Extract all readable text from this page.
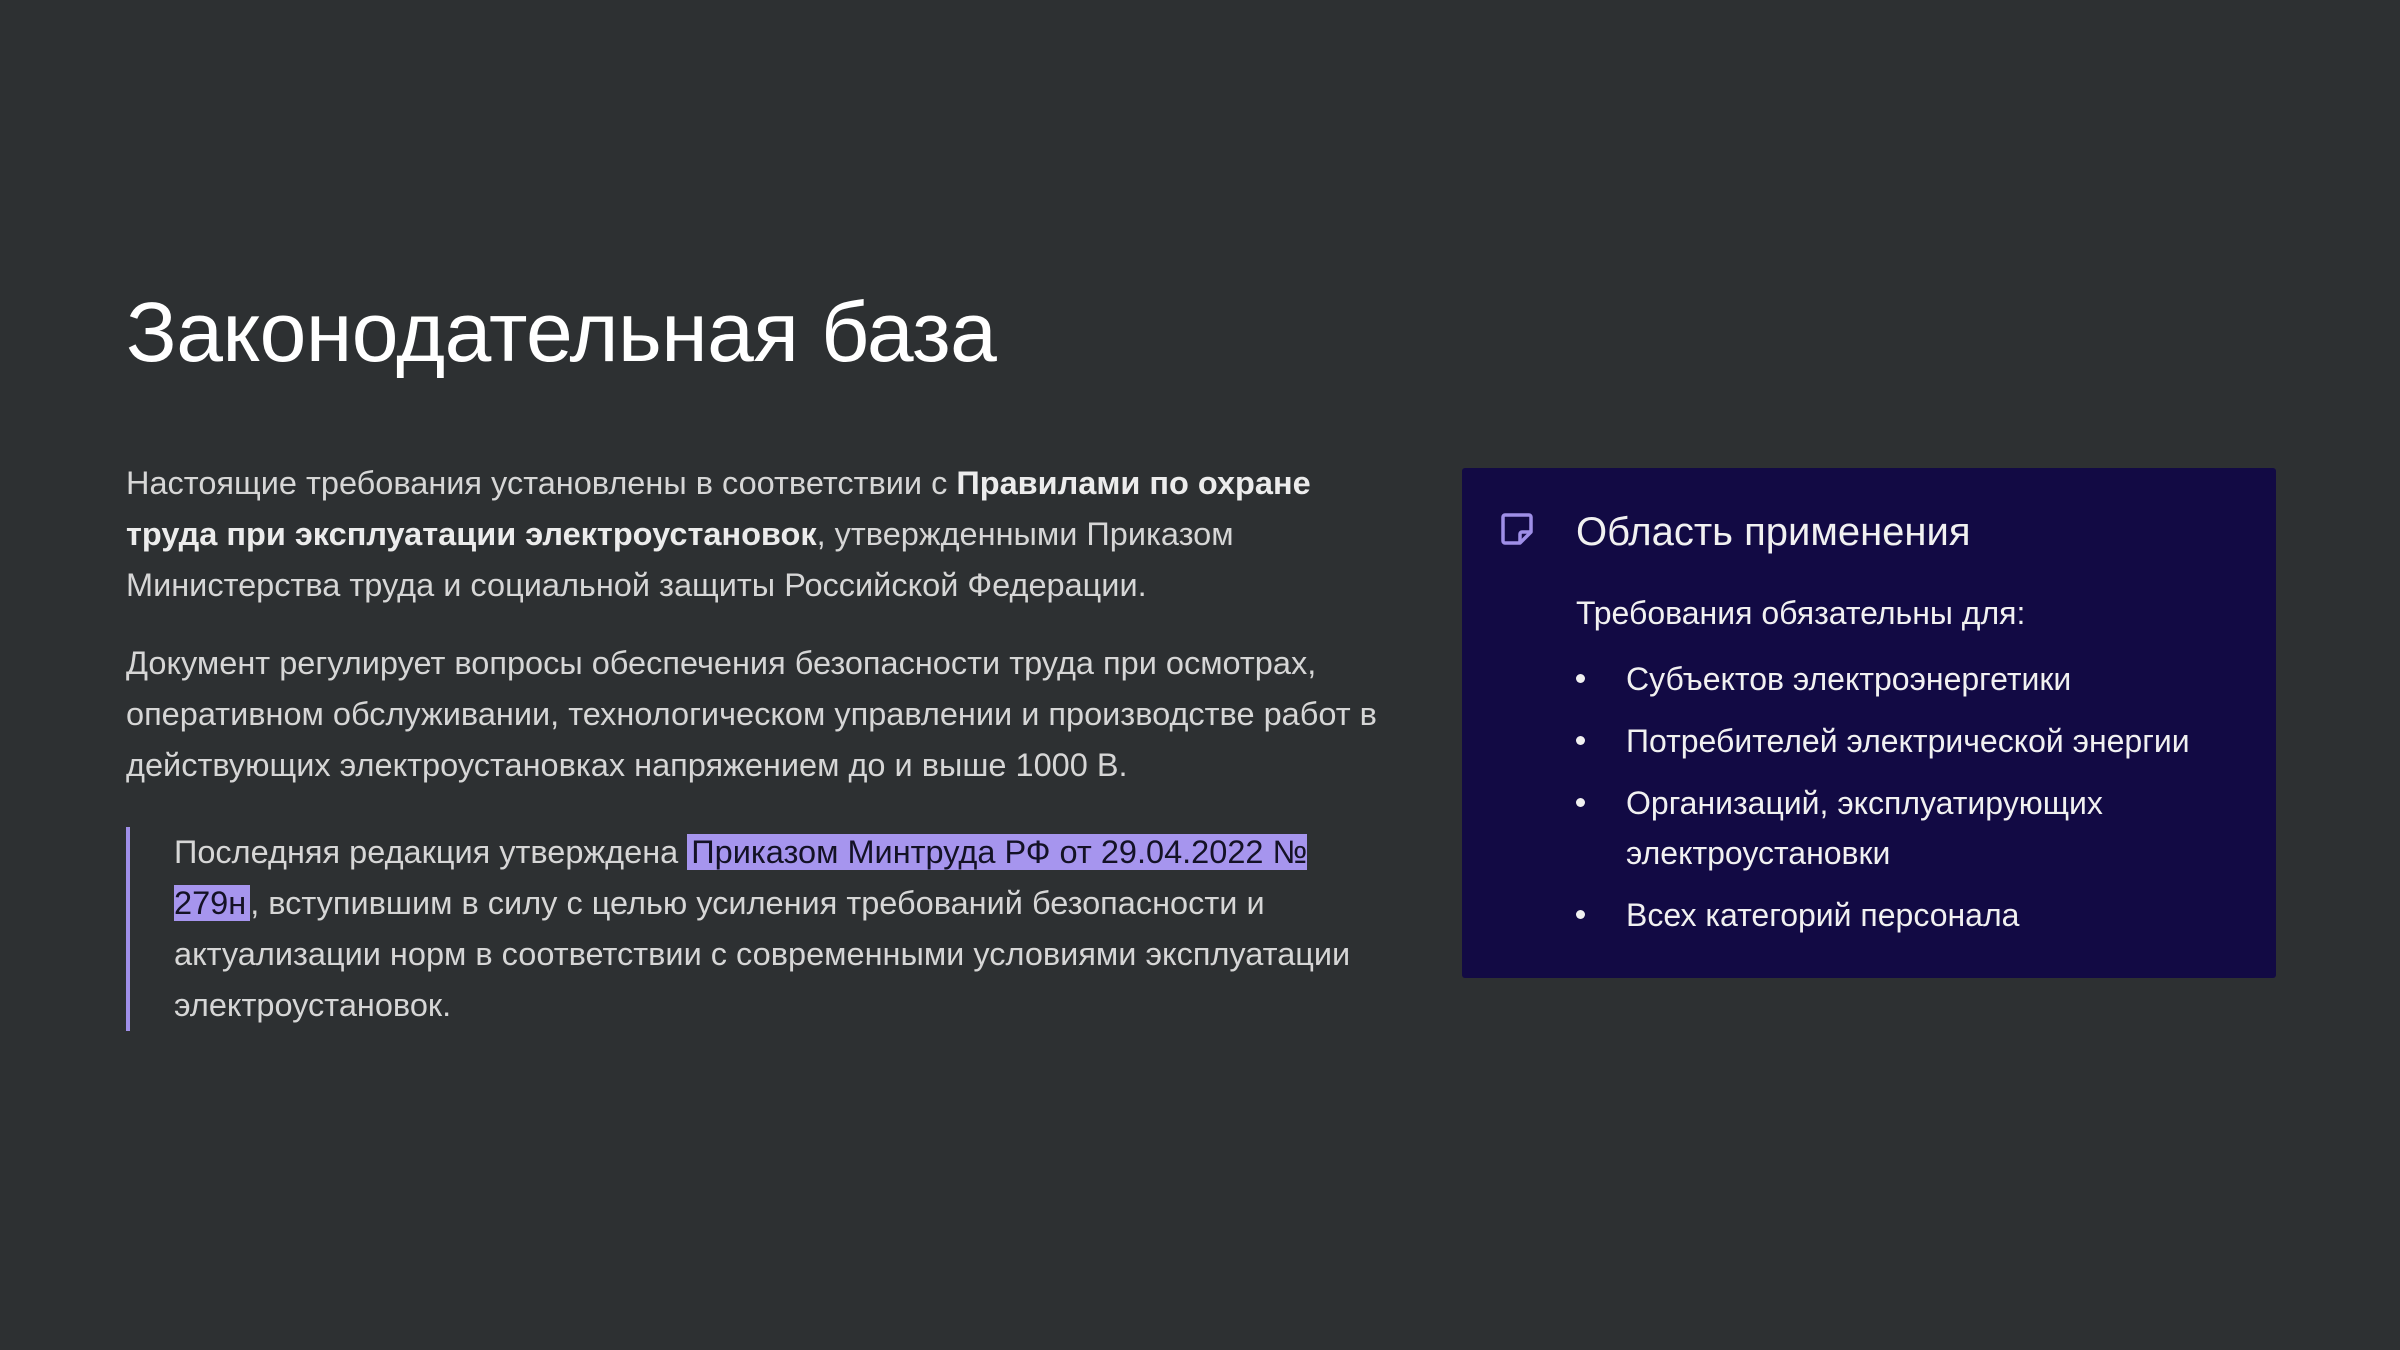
Законодательная база

Настоящие требования установлены в соответствии с Правилами по охране труда при эксплуатации электроустановок, утвержденными Приказом Министерства труда и социальной защиты Российской Федерации.

Документ регулирует вопросы обеспечения безопасности труда при осмотрах, оперативном обслуживании, технологическом управлении и производстве работ в действующих электроустановках напряжением до и выше 1000 В.

Последняя редакция утверждена Приказом Минтруда РФ от 29.04.2022 № 279н , вступившим в силу с целью усиления требований безопасности и актуализации норм в соответствии с современными условиями эксплуатации электроустановок.
Область применения

Требования обязательны для:

Субъектов электроэнергетики
Потребителей электрической энергии
Организаций, эксплуатирующих электроустановки
Всех категорий персонала
